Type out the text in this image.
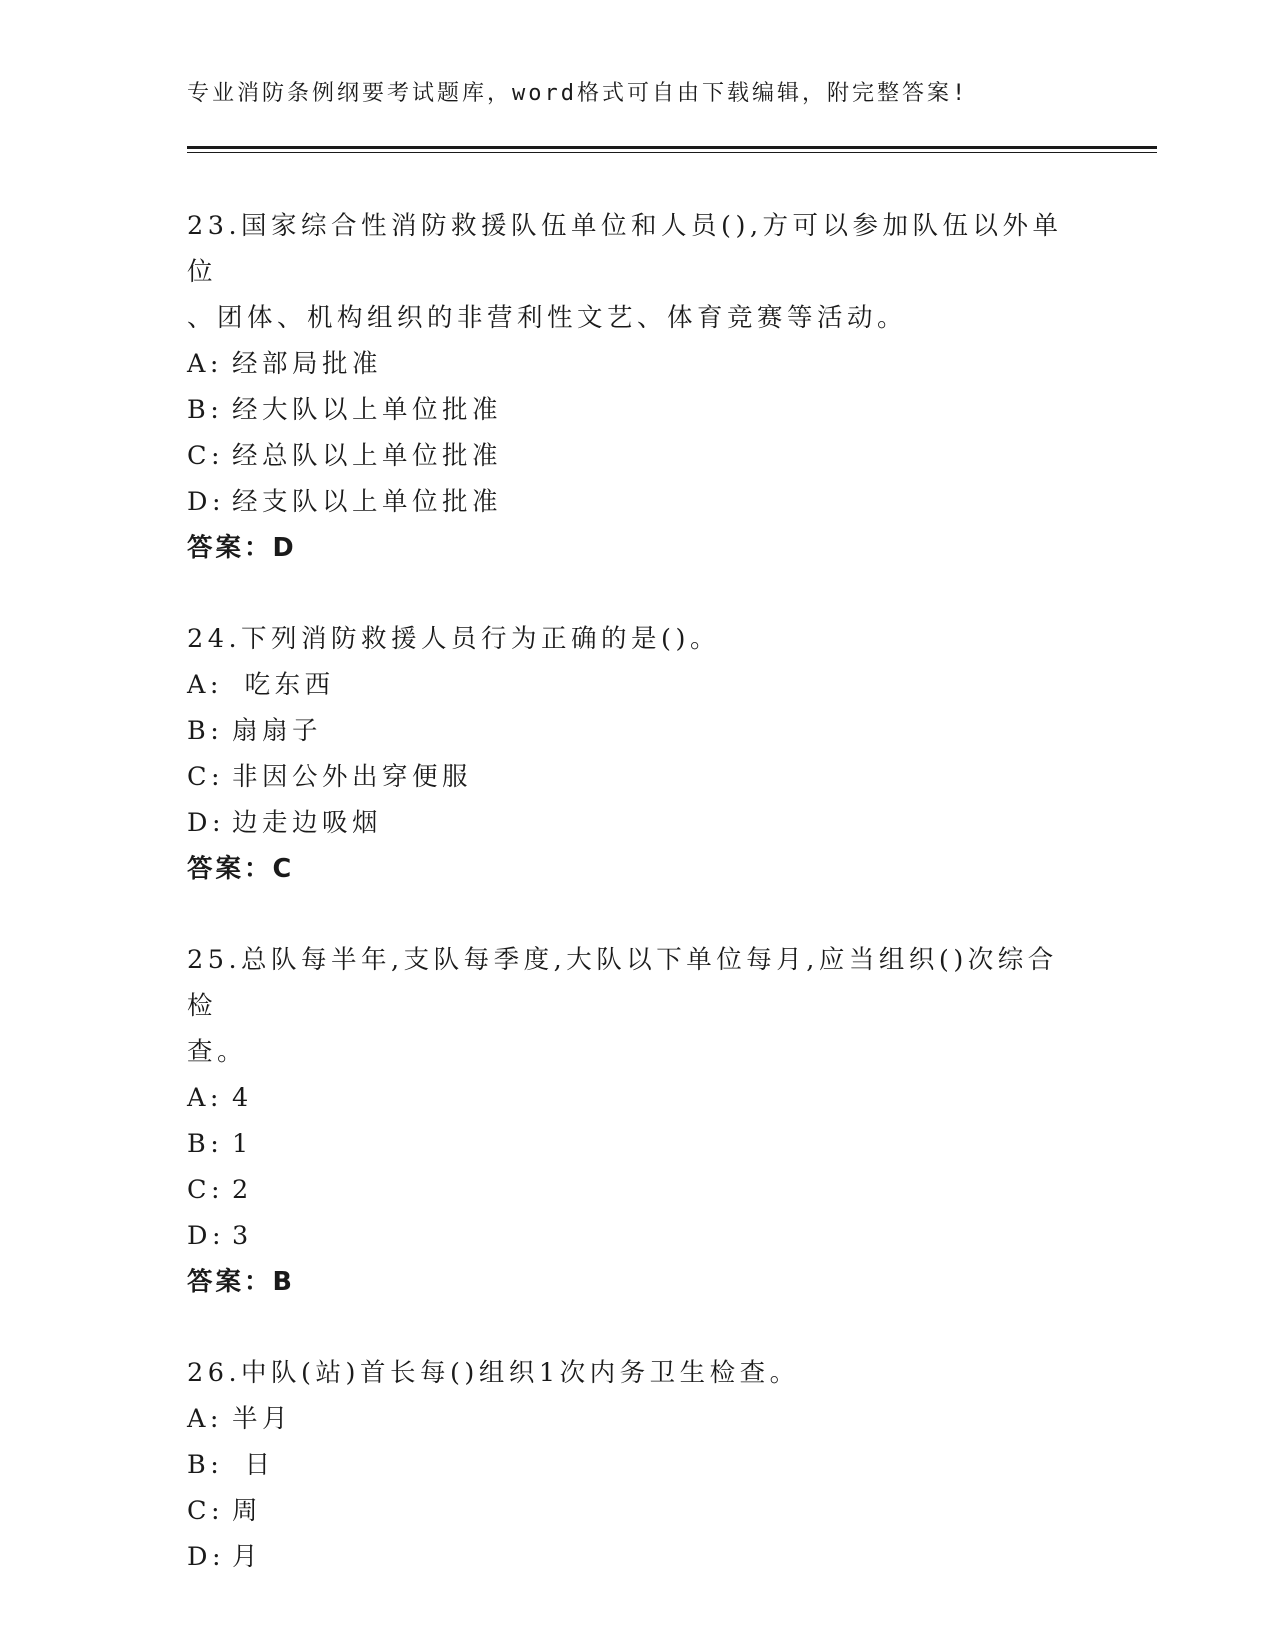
专业消防条例纲要考试题库，word格式可自由下载编辑，附完整答案!
23.国家综合性消防救援队伍单位和人员(),方可以参加队伍以外单位
、团体、机构组织的非营利性文艺、体育竞赛等活动。
A: 经部局批准
B: 经大队以上单位批准
C: 经总队以上单位批准
D: 经支队以上单位批准
答案：D
24.下列消防救援人员行为正确的是()。
A: 吃东西
B: 扇扇子
C: 非因公外出穿便服
D: 边走边吸烟
答案：C
25.总队每半年,支队每季度,大队以下单位每月,应当组织()次综合检
查。
A: 4
B: 1
C: 2
D: 3
答案：B
26.中队(站)首长每()组织1次内务卫生检查。
A: 半月
B: 日
C: 周
D: 月
